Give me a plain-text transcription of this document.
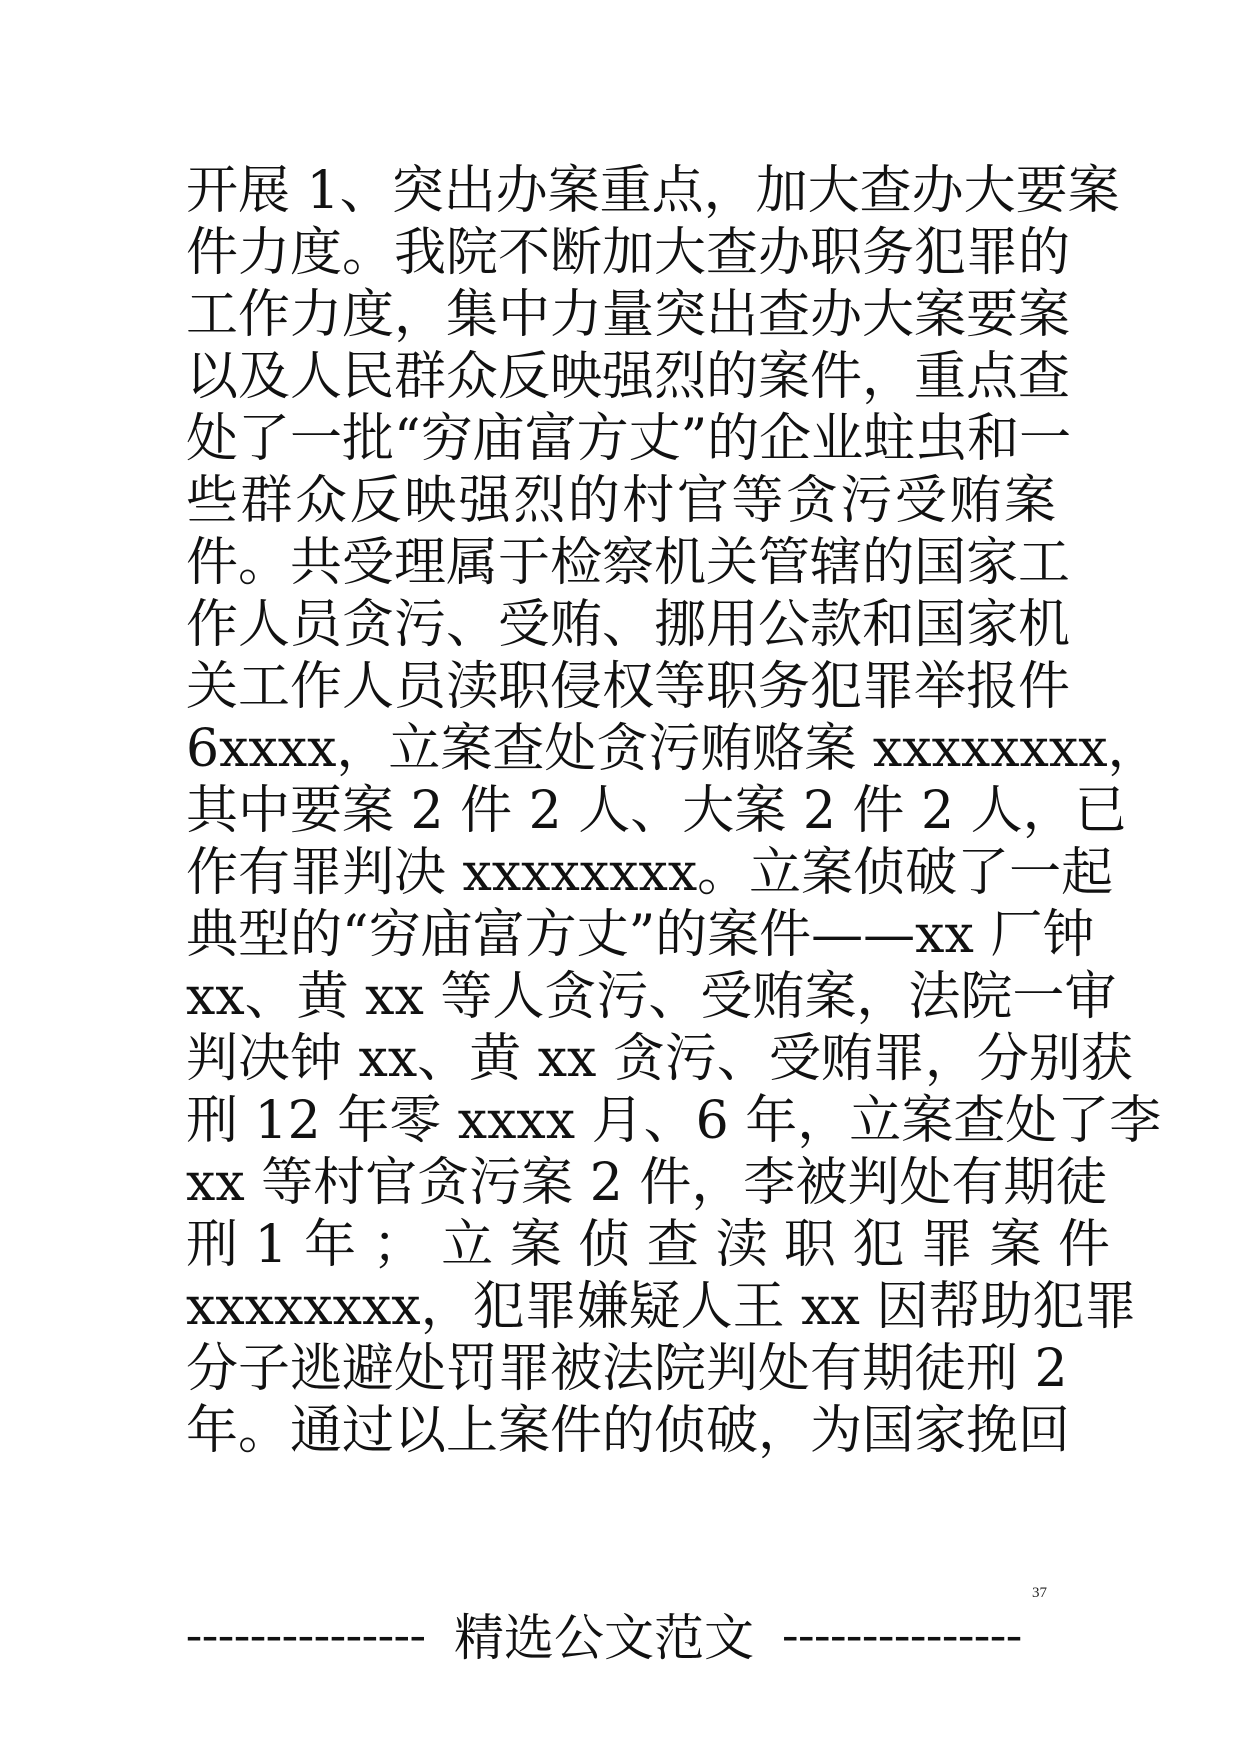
开展 1、突出办案重点，加大查办大要案
件力度。我院不断加大查办职务犯罪的
工作力度，集中力量突出查办大案要案
以及人民群众反映强烈的案件，重点查
处了一批“穷庙富方丈”的企业蛀虫和一
些群众反映强烈的村官等贪污受贿案
件。共受理属于检察机关管辖的国家工
作人员贪污、受贿、挪用公款和国家机
关工作人员渎职侵权等职务犯罪举报件
6xxxx，立案查处贪污贿赂案 xxxxxxxx，
其中要案 2 件 2 人、大案 2 件 2 人，已
作有罪判决 xxxxxxxx。立案侦破了一起
典型的“穷庙富方丈”的案件——xx 厂钟
xx、黄 xx 等人贪污、受贿案，法院一审
判决钟 xx、黄 xx 贪污、受贿罪，分别获
刑 12 年零 xxxx 月、6 年，立案查处了李
xx 等村官贪污案 2 件，李被判处有期徒
刑 1 年 ； 立 案 侦 查 渎 职 犯 罪 案 件
xxxxxxxx，犯罪嫌疑人王 xx 因帮助犯罪
分子逃避处罚罪被法院判处有期徒刑 2
年。通过以上案件的侦破，为国家挽回
37
--------------- 精选公文范文 ---------------
